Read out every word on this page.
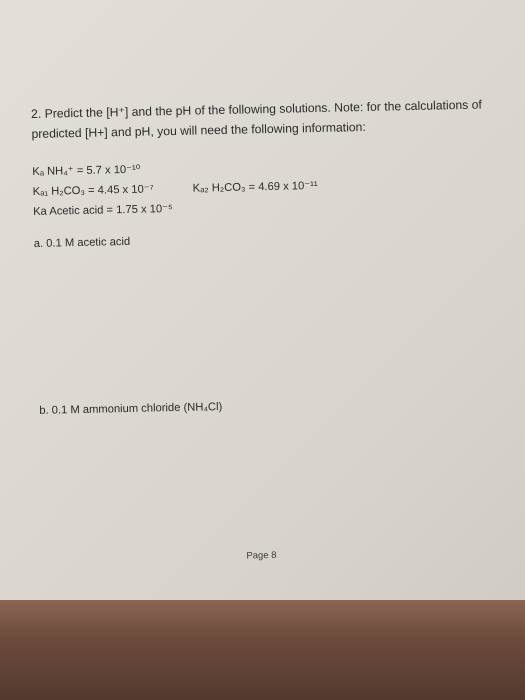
2. Predict the [H⁺] and the pH of the following solutions. Note: for the calculations of
predicted [H+] and pH, you will need the following information:
Kₐ NH₄⁺ = 5.7 x 10⁻¹⁰
Kₐ₁ H₂CO₃ = 4.45 x 10⁻⁷
Ka Acetic acid = 1.75 x 10⁻⁵
Kₐ₂ H₂CO₃ = 4.69 x 10⁻¹¹
a. 0.1 M acetic acid
b. 0.1 M ammonium chloride (NH₄Cl)
Page 8
